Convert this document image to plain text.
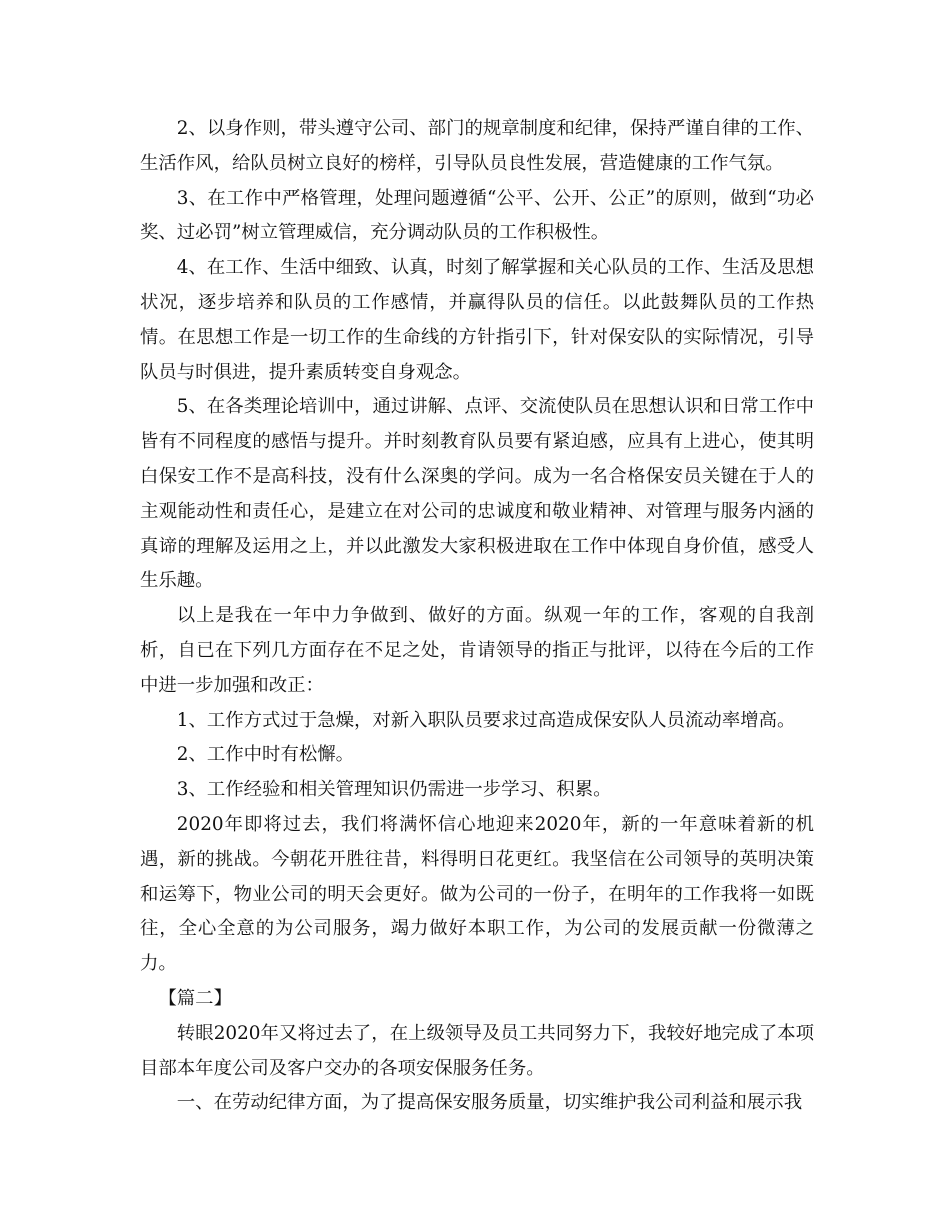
2、以身作则，带头遵守公司、部门的规章制度和纪律，保持严谨自律的工作、生活作风，给队员树立良好的榜样，引导队员良性发展，营造健康的工作气氛。

3、在工作中严格管理，处理问题遵循“公平、公开、公正”的原则，做到“功必奖、过必罚”树立管理威信，充分调动队员的工作积极性。

4、在工作、生活中细致、认真，时刻了解掌握和关心队员的工作、生活及思想状况，逐步培养和队员的工作感情，并赢得队员的信任。以此鼓舞队员的工作热情。在思想工作是一切工作的生命线的方针指引下，针对保安队的实际情况，引导队员与时俱进，提升素质转变自身观念。

5、在各类理论培训中，通过讲解、点评、交流使队员在思想认识和日常工作中皆有不同程度的感悟与提升。并时刻教育队员要有紧迫感，应具有上进心，使其明白保安工作不是高科技，没有什么深奥的学问。成为一名合格保安员关键在于人的主观能动性和责任心，是建立在对公司的忠诚度和敬业精神、对管理与服务内涵的真谛的理解及运用之上，并以此激发大家积极进取在工作中体现自身价值，感受人生乐趣。

以上是我在一年中力争做到、做好的方面。纵观一年的工作，客观的自我剖析，自已在下列几方面存在不足之处，肯请领导的指正与批评，以待在今后的工作中进一步加强和改正：

1、工作方式过于急燥，对新入职队员要求过高造成保安队人员流动率增高。

2、工作中时有松懈。

3、工作经验和相关管理知识仍需进一步学习、积累。

2020年即将过去，我们将满怀信心地迎来2020年，新的一年意味着新的机遇，新的挑战。今朝花开胜往昔，料得明日花更红。我坚信在公司领导的英明决策和运筹下，物业公司的明天会更好。做为公司的一份子，在明年的工作我将一如既往，全心全意的为公司服务，竭力做好本职工作，为公司的发展贡献一份微薄之力。

【篇二】

转眼2020年又将过去了，在上级领导及员工共同努力下，我较好地完成了本项目部本年度公司及客户交办的各项安保服务任务。

一、在劳动纪律方面，为了提高保安服务质量，切实维护我公司利益和展示我
